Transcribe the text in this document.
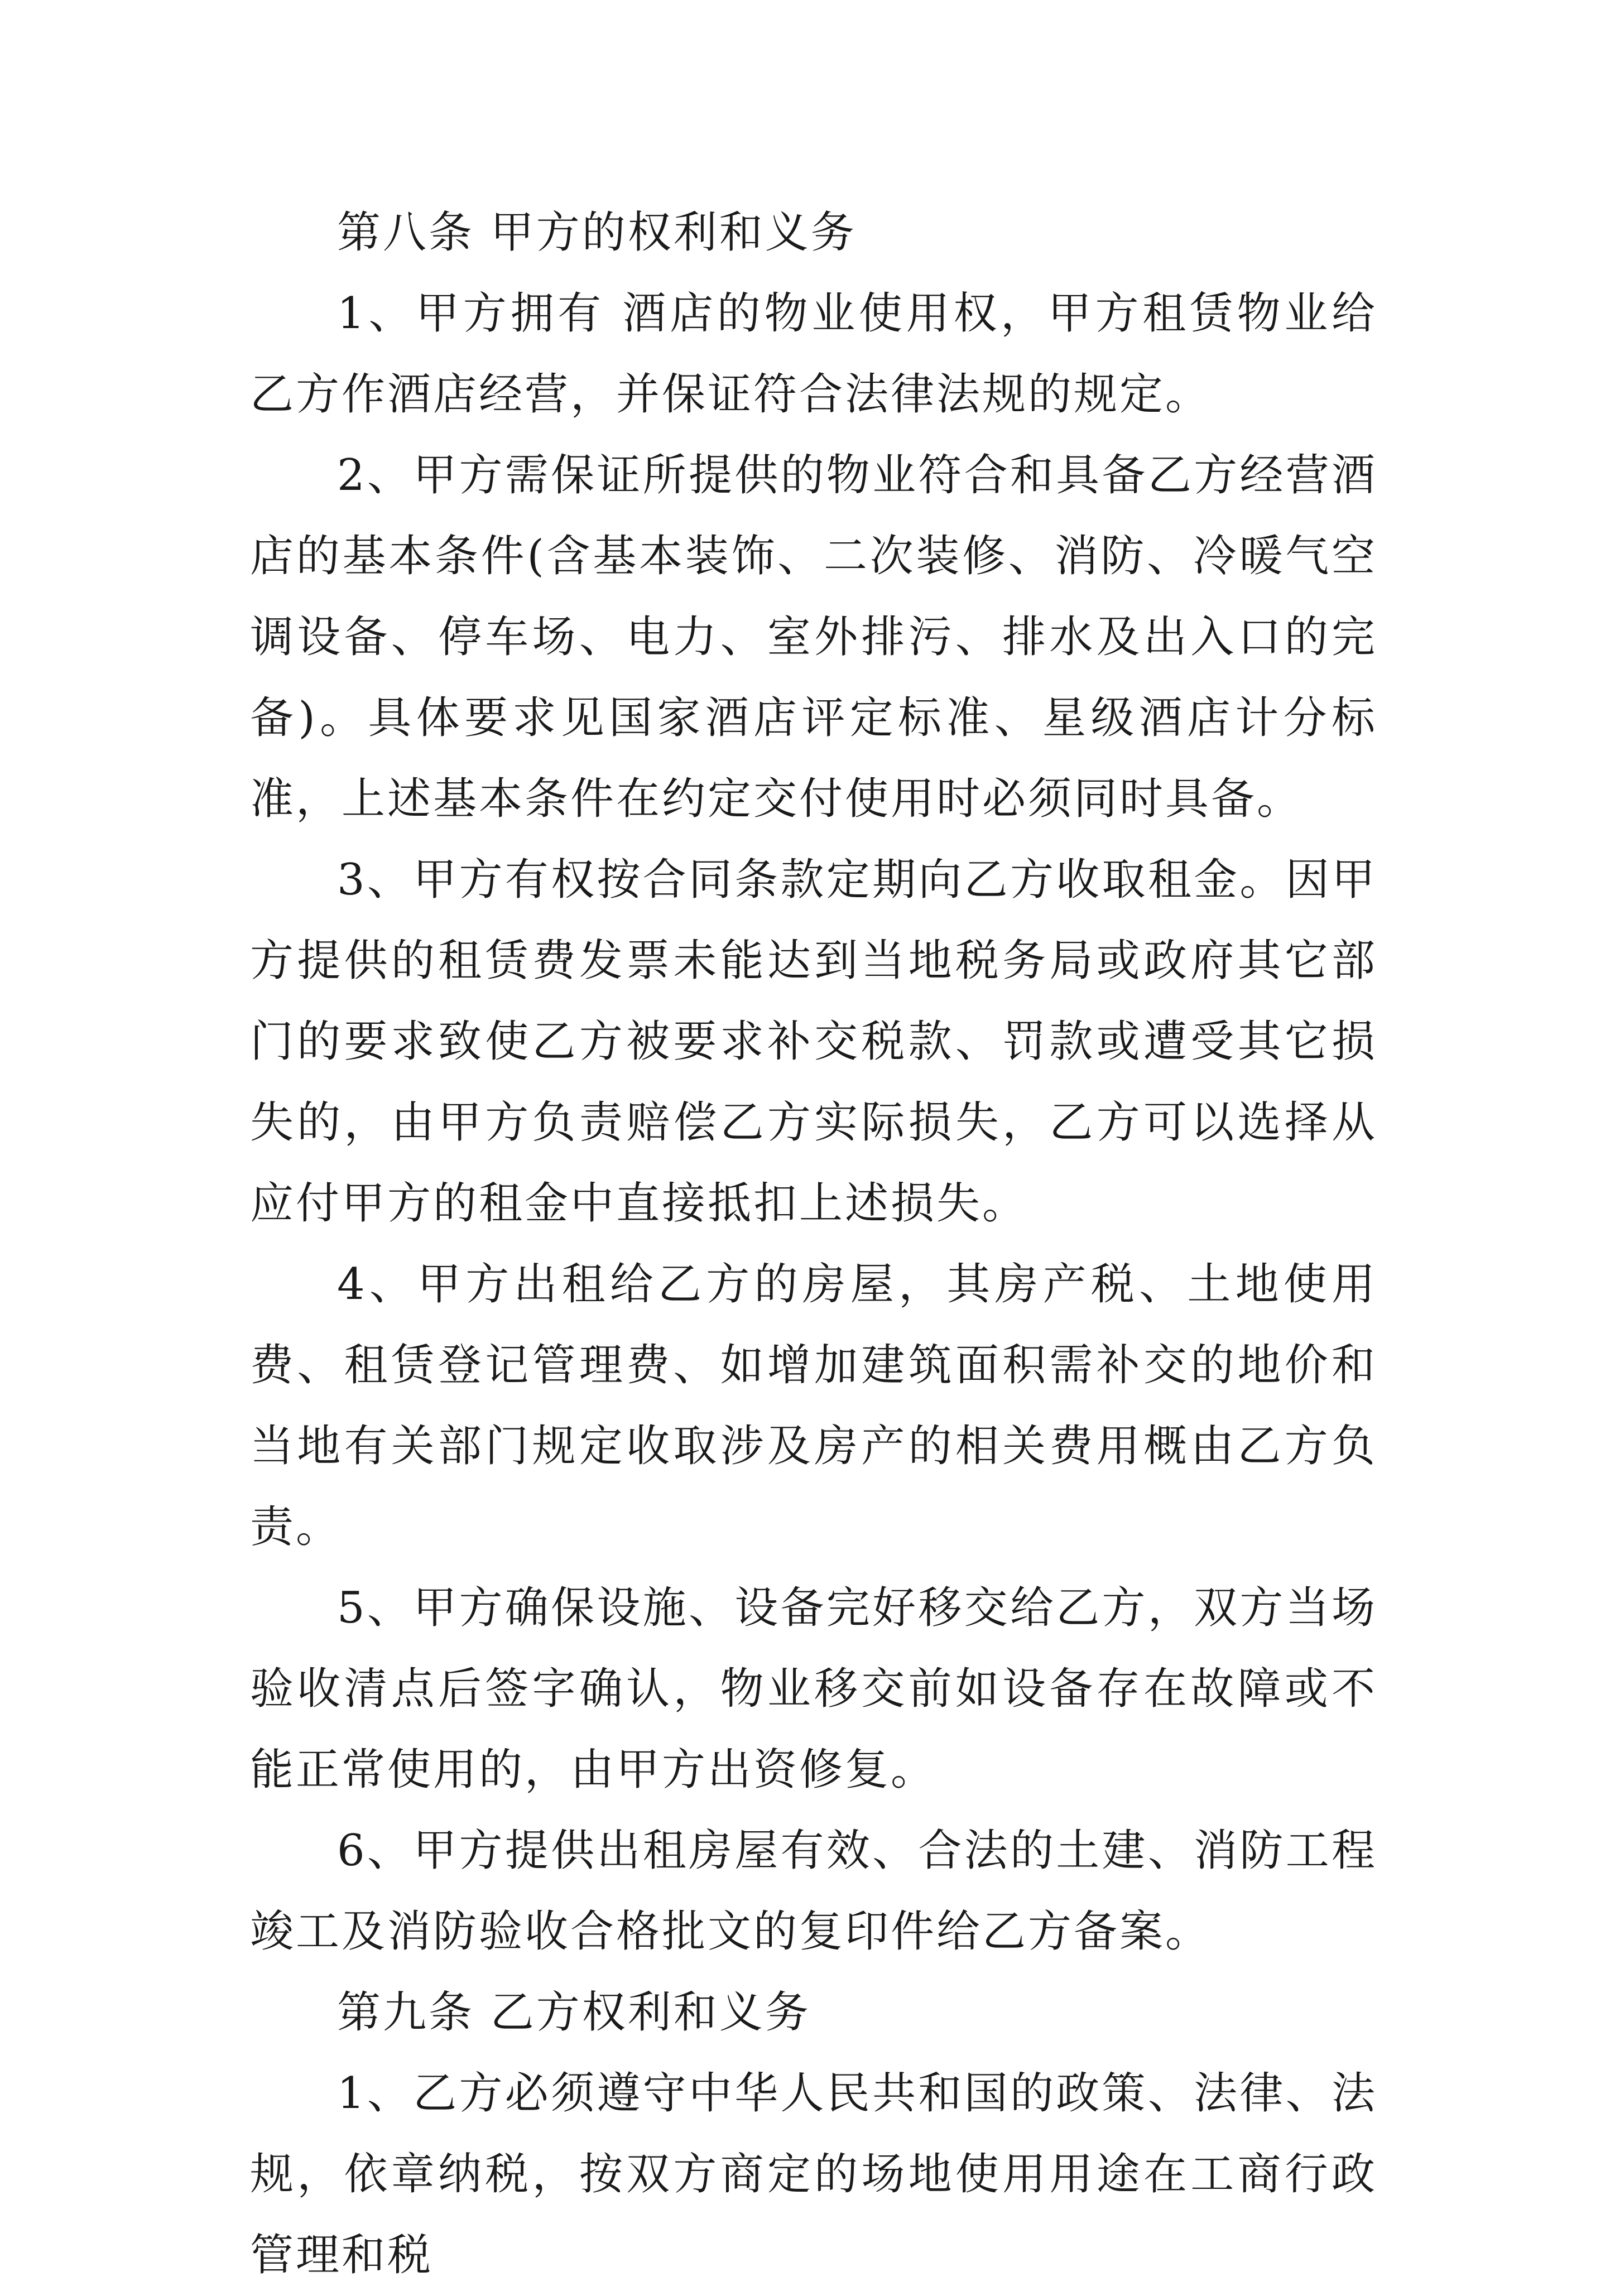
第八条 甲方的权利和义务

1、甲方拥有 酒店的物业使用权，甲方租赁物业给乙方作酒店经营，并保证符合法律法规的规定。

2、甲方需保证所提供的物业符合和具备乙方经营酒店的基本条件(含基本装饰、二次装修、消防、冷暖气空调设备、停车场、电力、室外排污、排水及出入口的完备)。具体要求见国家酒店评定标准、星级酒店计分标准，上述基本条件在约定交付使用时必须同时具备。

3、甲方有权按合同条款定期向乙方收取租金。因甲方提供的租赁费发票未能达到当地税务局或政府其它部门的要求致使乙方被要求补交税款、罚款或遭受其它损失的，由甲方负责赔偿乙方实际损失，乙方可以选择从应付甲方的租金中直接抵扣上述损失。

4、甲方出租给乙方的房屋，其房产税、土地使用费、租赁登记管理费、如增加建筑面积需补交的地价和当地有关部门规定收取涉及房产的相关费用概由乙方负责。

5、甲方确保设施、设备完好移交给乙方，双方当场验收清点后签字确认，物业移交前如设备存在故障或不能正常使用的，由甲方出资修复。

6、甲方提供出租房屋有效、合法的土建、消防工程竣工及消防验收合格批文的复印件给乙方备案。

第九条 乙方权利和义务

1、乙方必须遵守中华人民共和国的政策、法律、法规，依章纳税，按双方商定的场地使用用途在工商行政管理和税
